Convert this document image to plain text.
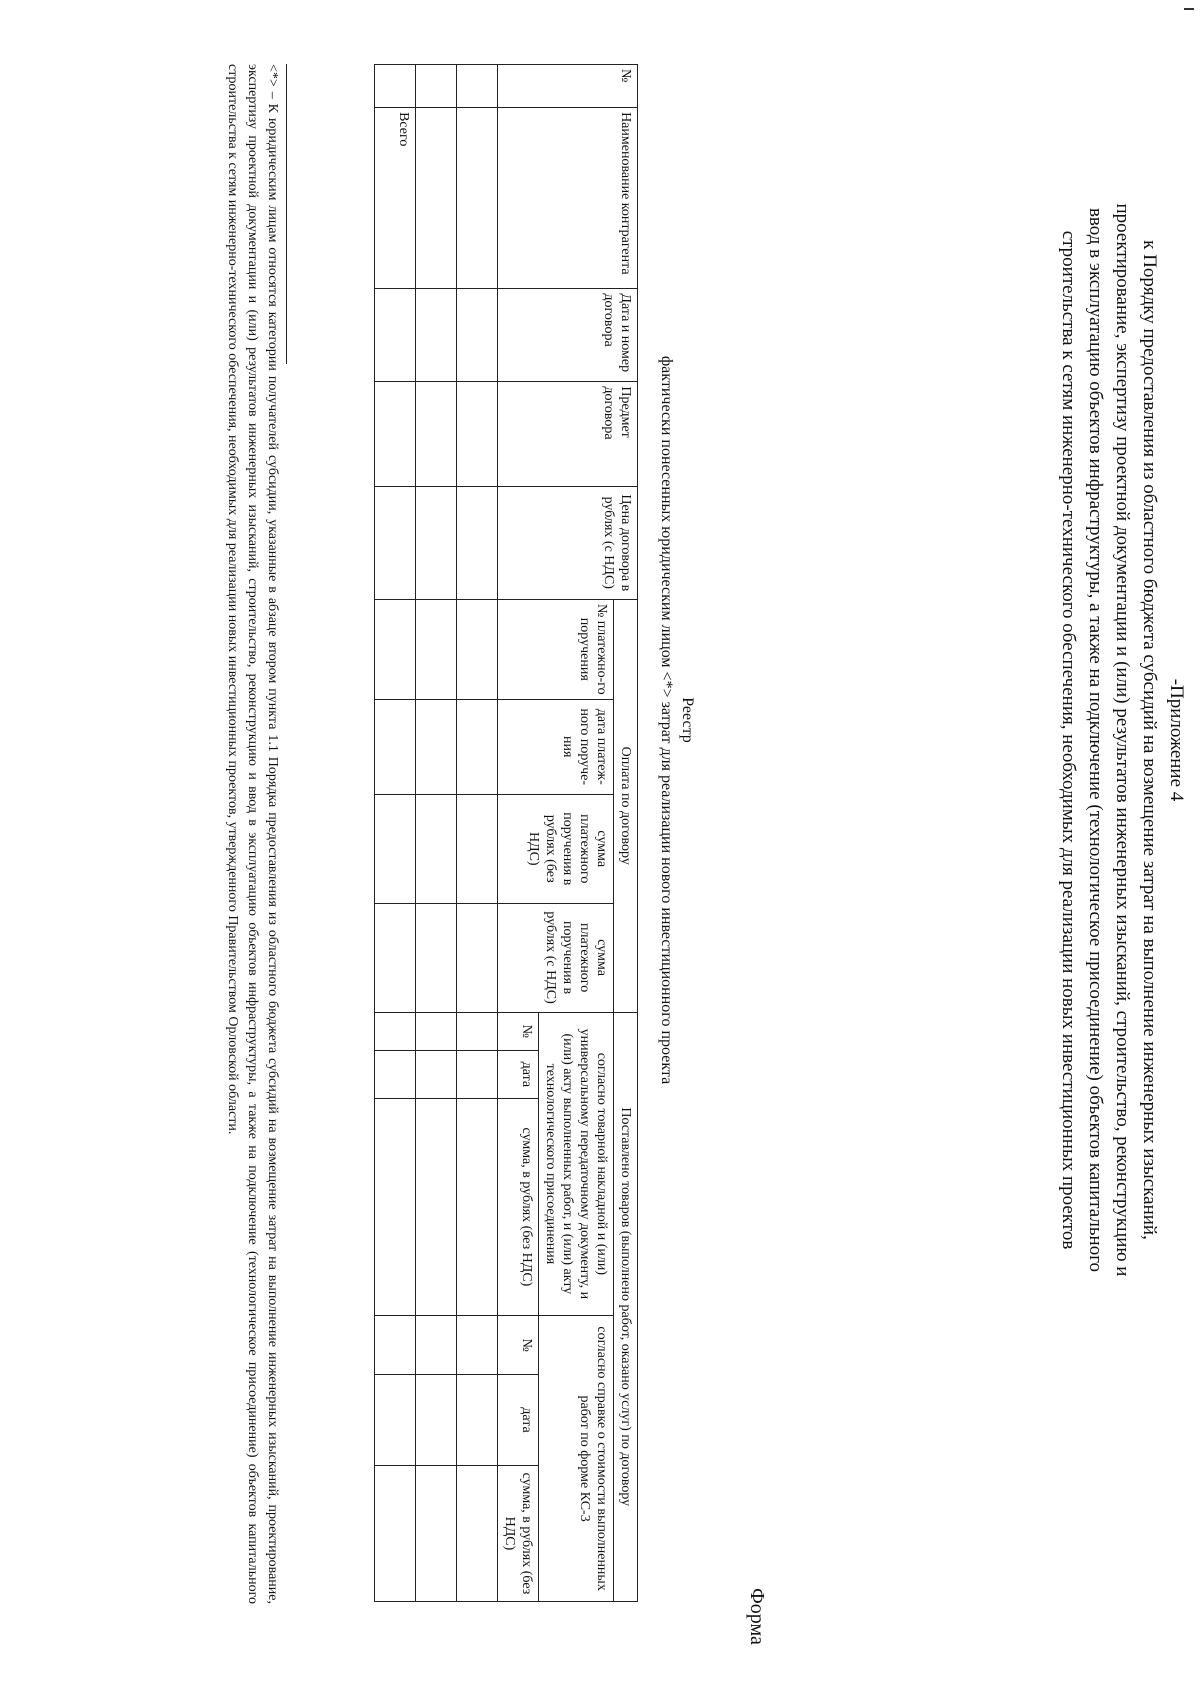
-Приложение 4
к Порядку предоставления из областного бюджета субсидий на возмещение затрат на выполнение инженерных изысканий, проектирование, экспертизу проектной документации и (или) результатов инженерных изысканий, строительство, реконструкцию и ввод в эксплуатацию объектов инфраструктуры, а также на подключение (технологическое присоединение) объектов капитального строительства к сетям инженерно-технического обеспечения, необходимых для реализации новых инвестиционных проектов
Форма
Реестр
фактически понесенных юридическим лицом <*> затрат для реализации нового инвестиционного проекта
№	Наименование контрагента	Дата и номер договора	Предмет договора	Цена договора в рублях (с НДС)	Оплата по договору				Поставлено товаров (выполнено работ, оказано услуг) по договору					
					№ платежно-го поручения	дата платеж-ного поруче-ния	сумма платежного поручения в рублях (без НДС)	сумма платежного поручения в рублях (с НДС)	согласно товарной накладной и (или) универсальному передаточному документу, и (или) акту выполненных работ, и (или) акту технологического присоединения			согласно справке о стоимости выполненных работ по форме КС-3		
									№	дата	сумма, в рублях (без НДС)	№	дата	сумма, в рублях (без НДС)

	Всего													
<*> – К юридическим лицам относятся категории получателей субсидии, указанные в абзаце втором пункта 1.1 Порядка предоставления из областного бюджета субсидий на возмещение затрат на выполнение инженерных изысканий, проектирование, экспертизу проектной документации и (или) результатов инженерных изысканий, строительство, реконструкцию и ввод в эксплуатацию объектов инфраструктуры, а также на подключение (технологическое присоединение) объектов капитального строительства к сетям инженерно-технического обеспечения, необходимых для реализации новых инвестиционных проектов, утвержденного Правительством Орловской области.
